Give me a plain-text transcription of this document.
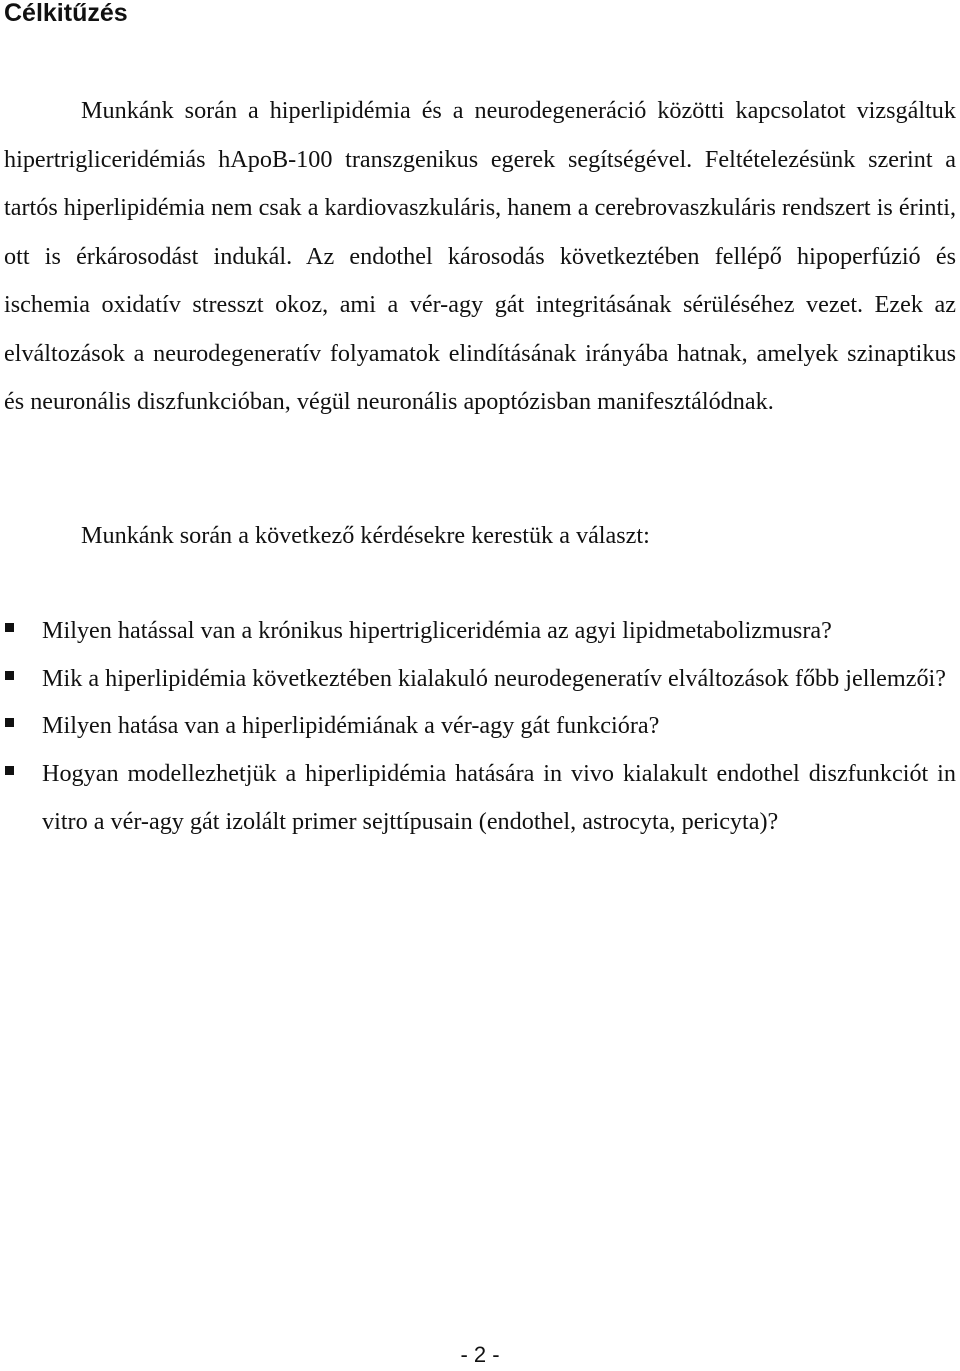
Célkitűzés

Munkánk során a hiperlipidémia és a neurodegeneráció közötti kapcsolatot vizsgáltuk hipertrigliceridémiás hApoB-100 transzgenikus egerek segítségével. Feltételezésünk szerint a tartós hiperlipidémia nem csak a kardiovaszkuláris, hanem a cerebrovaszkuláris rendszert is érinti, ott is érkárosodást indukál. Az endothel károsodás következtében fellépő hipoperfúzió és ischemia oxidatív stresszt okoz, ami a vér-agy gát integritásának sérüléséhez vezet. Ezek az elváltozások a neurodegeneratív folyamatok elindításának irányába hatnak, amelyek szinaptikus és neuronális diszfunkcióban, végül neuronális apoptózisban manifesztálódnak.

Munkánk során a következő kérdésekre kerestük a választ:

Milyen hatással van a krónikus hipertrigliceridémia az agyi lipidmetabolizmusra?
Mik a hiperlipidémia következtében kialakuló neurodegeneratív elváltozások főbb jellemzői?
Milyen hatása van a hiperlipidémiának a vér-agy gát funkcióra?
Hogyan modellezhetjük a hiperlipidémia hatására in vivo kialakult endothel diszfunkciót in vitro a vér-agy gát izolált primer sejttípusain (endothel, astrocyta, pericyta)?
- 2 -
